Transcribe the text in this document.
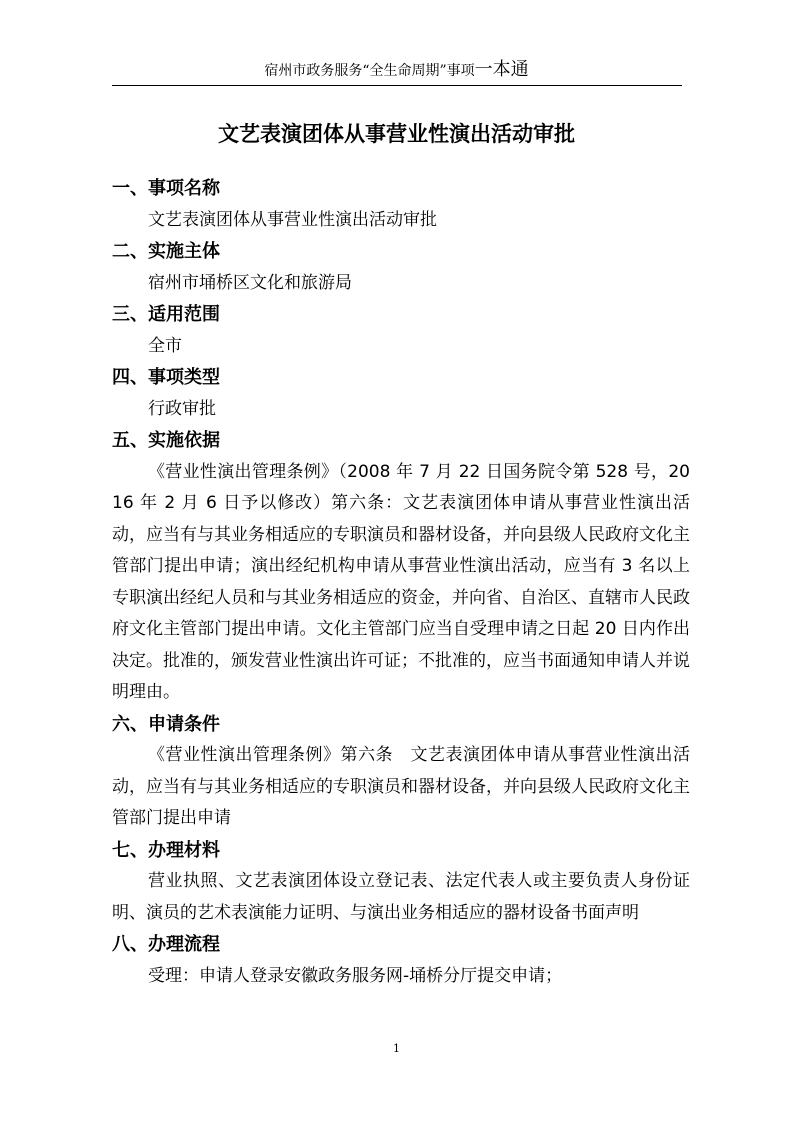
宿州市政务服务“全生命周期”事项一本通
文艺表演团体从事营业性演出活动审批

一、事项名称

文艺表演团体从事营业性演出活动审批

二、实施主体

宿州市埇桥区文化和旅游局

三、适用范围

全市

四、事项类型

行政审批

五、实施依据

《营业性演出管理条例》（2008 年 7 月 22 日国务院令第 528 号，2016 年 2 月 6 日予以修改）第六条：文艺表演团体申请从事营业性演出活动，应当有与其业务相适应的专职演员和器材设备，并向县级人民政府文化主管部门提出申请；演出经纪机构申请从事营业性演出活动，应当有 3 名以上专职演出经纪人员和与其业务相适应的资金，并向省、自治区、直辖市人民政府文化主管部门提出申请。文化主管部门应当自受理申请之日起 20 日内作出决定。批准的，颁发营业性演出许可证；不批准的，应当书面通知申请人并说明理由。

六、申请条件

《营业性演出管理条例》第六条　文艺表演团体申请从事营业性演出活动，应当有与其业务相适应的专职演员和器材设备，并向县级人民政府文化主管部门提出申请

七、办理材料

营业执照、文艺表演团体设立登记表、法定代表人或主要负责人身份证明、演员的艺术表演能力证明、与演出业务相适应的器材设备书面声明

八、办理流程

受理：申请人登录安徽政务服务网-埇桥分厅提交申请；

1
